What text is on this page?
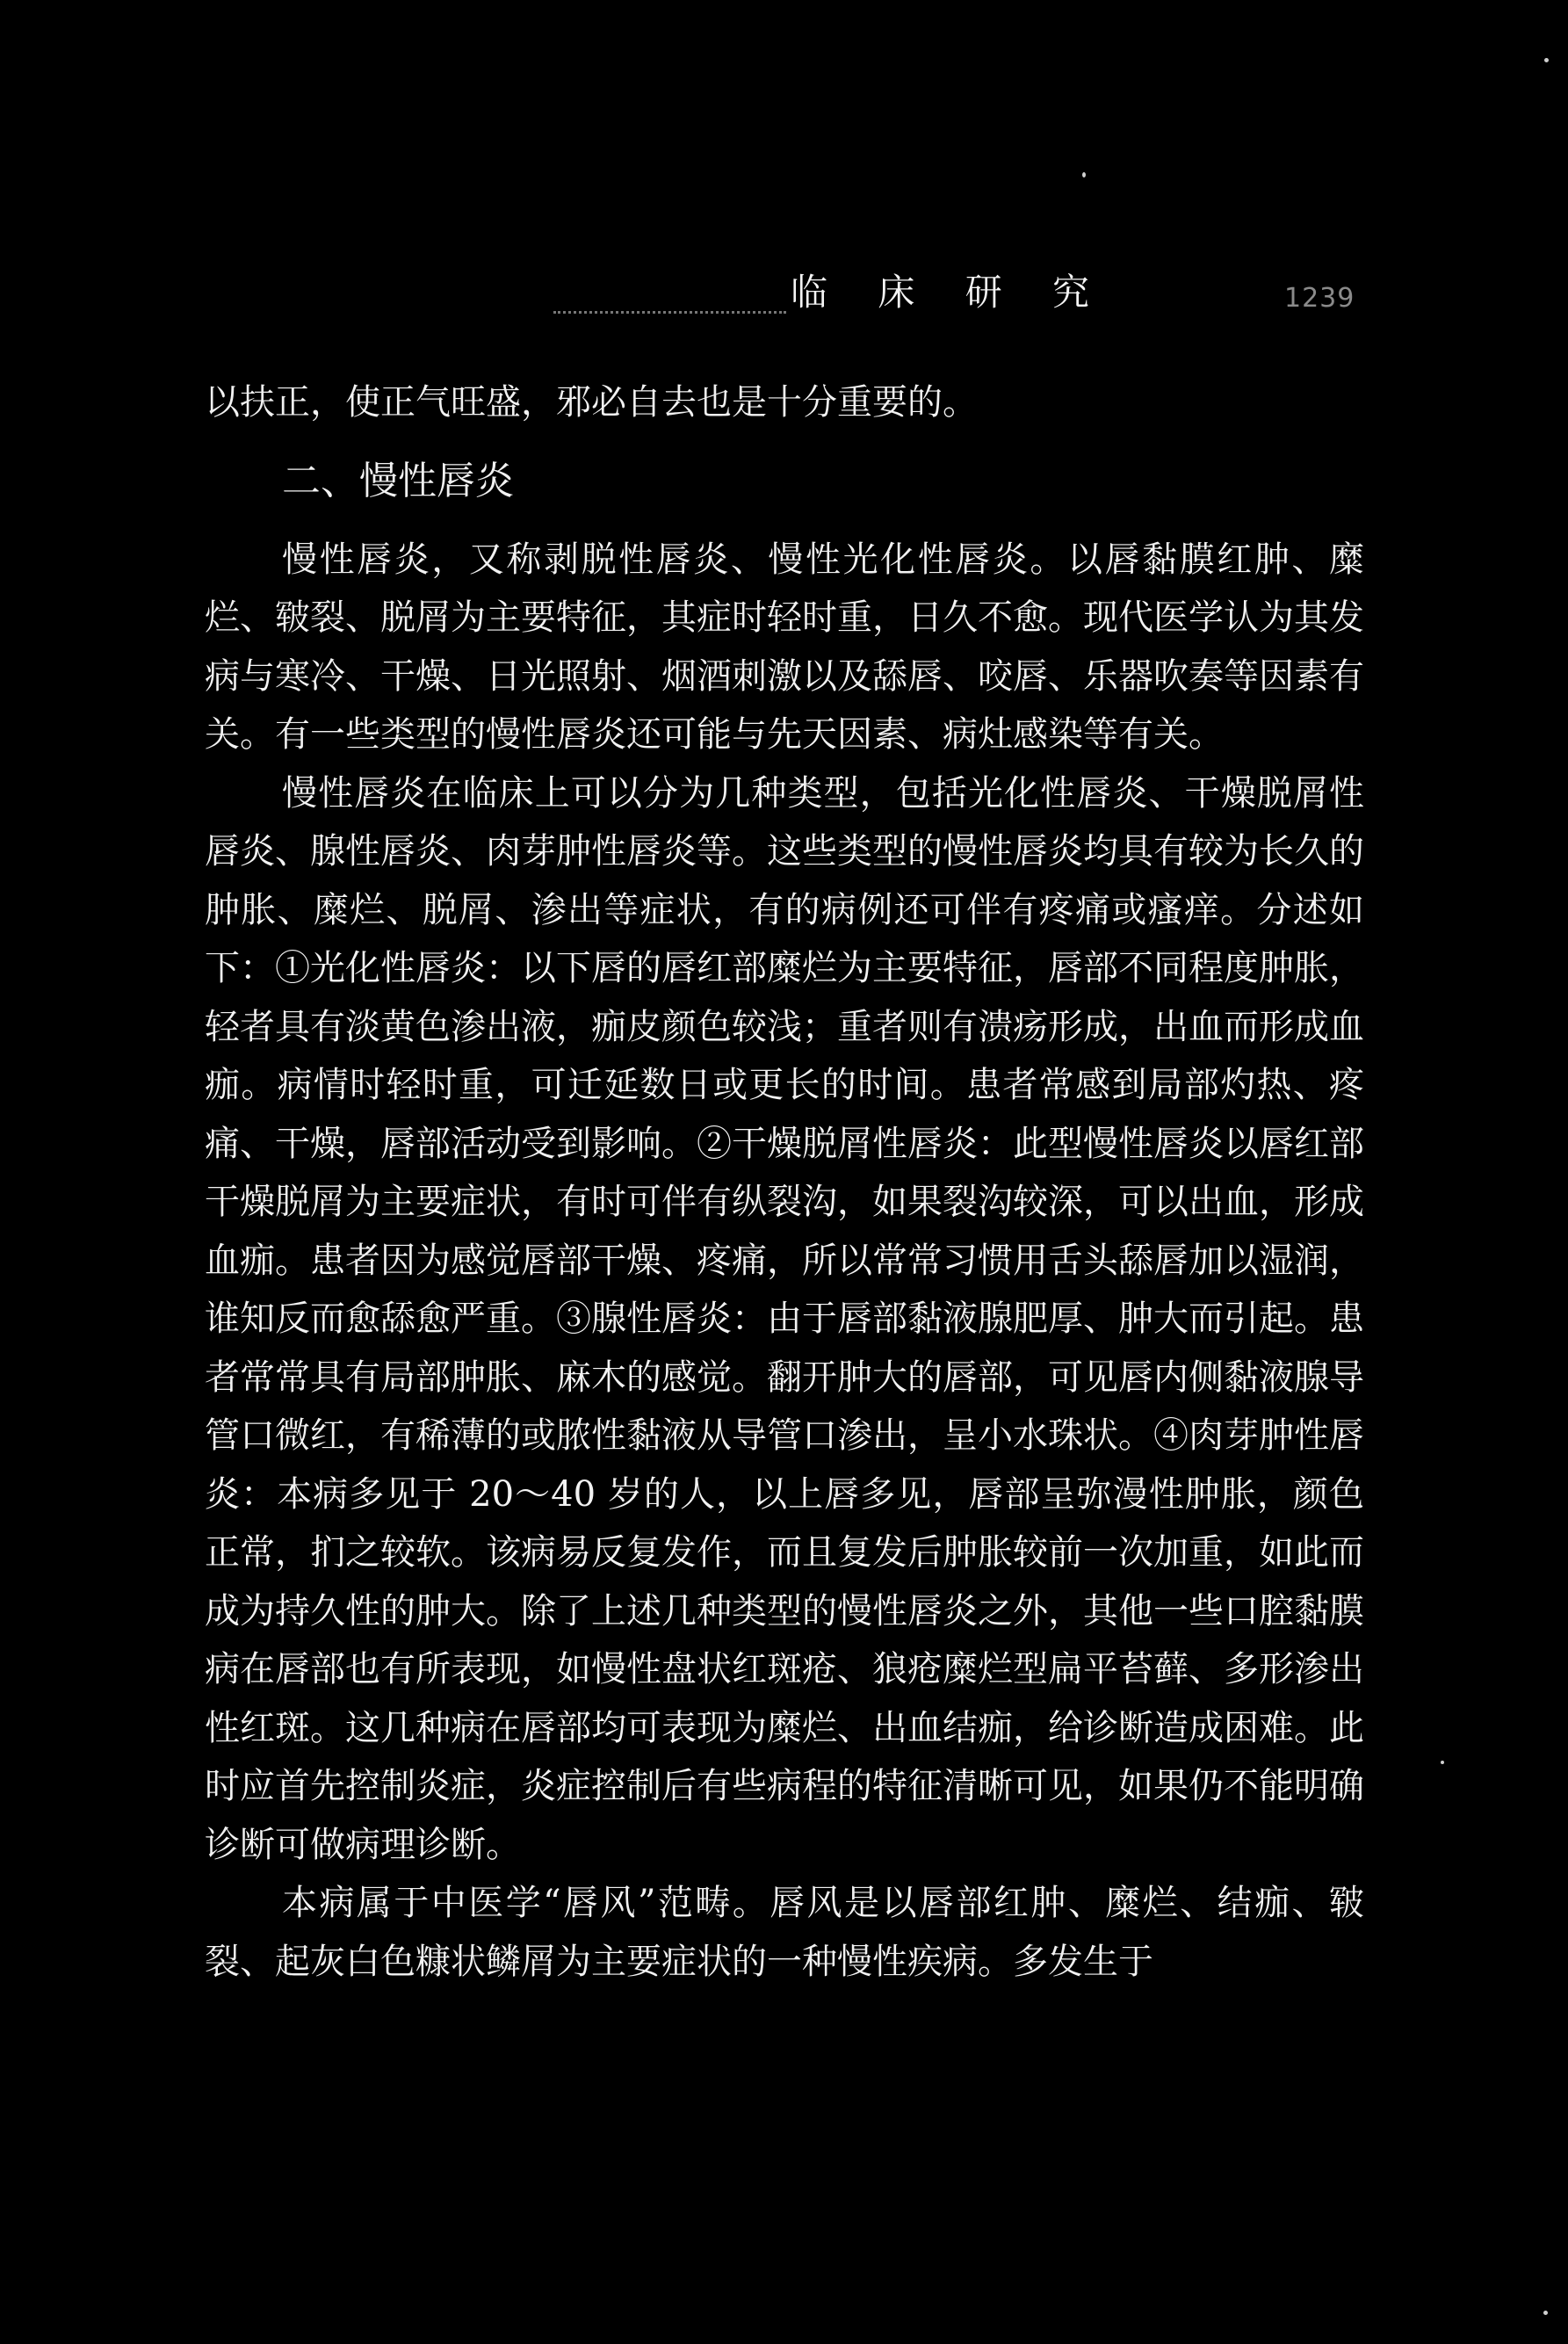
临 床 研 究	1239

以扶正，使正气旺盛，邪必自去也是十分重要的。

二、慢性唇炎

慢性唇炎，又称剥脱性唇炎、慢性光化性唇炎。以唇黏膜红肿、糜烂、皲裂、脱屑为主要特征，其症时轻时重，日久不愈。现代医学认为其发病与寒冷、干燥、日光照射、烟酒刺激以及舔唇、咬唇、乐器吹奏等因素有关。有一些类型的慢性唇炎还可能与先天因素、病灶感染等有关。

慢性唇炎在临床上可以分为几种类型，包括光化性唇炎、干燥脱屑性唇炎、腺性唇炎、肉芽肿性唇炎等。这些类型的慢性唇炎均具有较为长久的肿胀、糜烂、脱屑、渗出等症状，有的病例还可伴有疼痛或瘙痒。分述如下：①光化性唇炎：以下唇的唇红部糜烂为主要特征，唇部不同程度肿胀，轻者具有淡黄色渗出液，痂皮颜色较浅；重者则有溃疡形成，出血而形成血痂。病情时轻时重，可迁延数日或更长的时间。患者常感到局部灼热、疼痛、干燥，唇部活动受到影响。②干燥脱屑性唇炎：此型慢性唇炎以唇红部干燥脱屑为主要症状，有时可伴有纵裂沟，如果裂沟较深，可以出血，形成血痂。患者因为感觉唇部干燥、疼痛，所以常常习惯用舌头舔唇加以湿润，谁知反而愈舔愈严重。③腺性唇炎：由于唇部黏液腺肥厚、肿大而引起。患者常常具有局部肿胀、麻木的感觉。翻开肿大的唇部，可见唇内侧黏液腺导管口微红，有稀薄的或脓性黏液从导管口渗出，呈小水珠状。④肉芽肿性唇炎：本病多见于 20～40 岁的人，以上唇多见，唇部呈弥漫性肿胀，颜色正常，扪之较软。该病易反复发作，而且复发后肿胀较前一次加重，如此而成为持久性的肿大。除了上述几种类型的慢性唇炎之外，其他一些口腔黏膜病在唇部也有所表现，如慢性盘状红斑疮、狼疮糜烂型扁平苔藓、多形渗出性红斑。这几种病在唇部均可表现为糜烂、出血结痂，给诊断造成困难。此时应首先控制炎症，炎症控制后有些病程的特征清晰可见，如果仍不能明确诊断可做病理诊断。

本病属于中医学“唇风”范畴。唇风是以唇部红肿、糜烂、结痂、皲裂、起灰白色糠状鳞屑为主要症状的一种慢性疾病。多发生于
